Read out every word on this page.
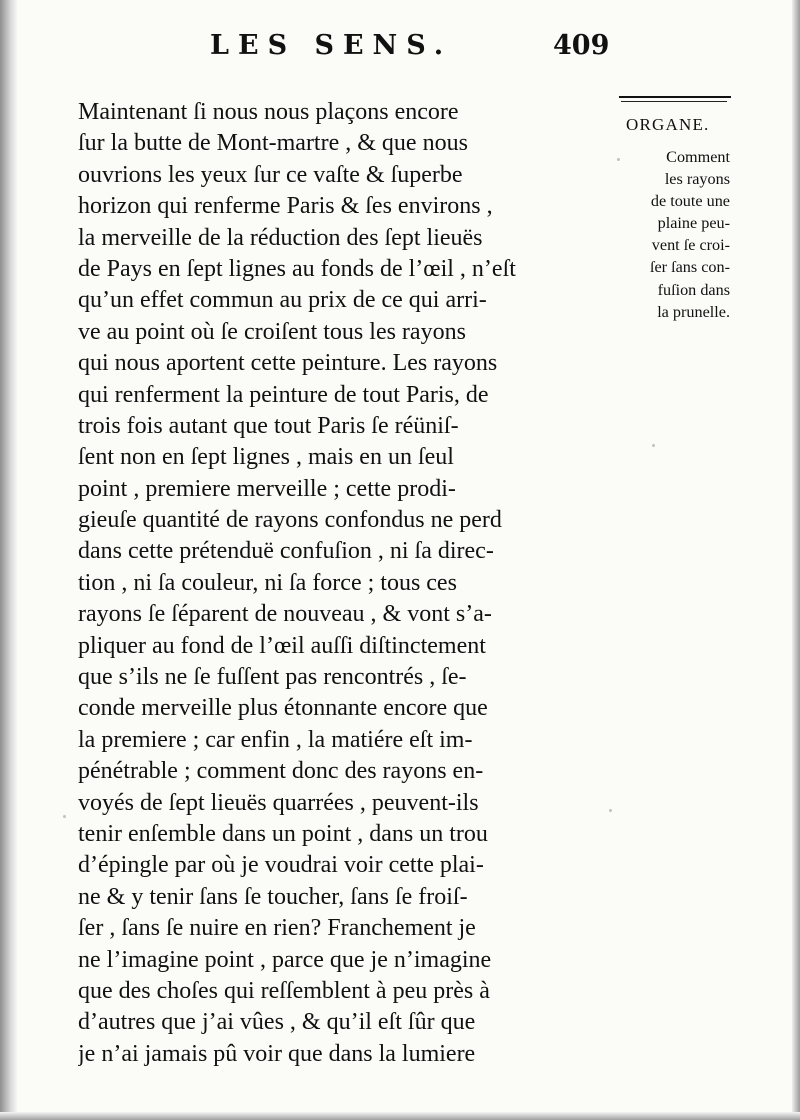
LES SENS.	409
Maintenant ſi nous nous plaçons encore
ſur la butte de Mont-martre , & que nous
ouvrions les yeux ſur ce vaſte & ſuperbe
horizon qui renferme Paris & ſes environs ,
la merveille de la réduction des ſept lieuës
de Pays en ſept lignes au fonds de l’œil , n’eſt
qu’un effet commun au prix de ce qui arri-
ve au point où ſe croiſent tous les rayons
qui nous aportent cette peinture. Les rayons
qui renferment la peinture de tout Paris, de
trois fois autant que tout Paris ſe réüniſ-
ſent non en ſept lignes , mais en un ſeul
point , premiere merveille ; cette prodi-
gieuſe quantité de rayons confondus ne perd
dans cette prétenduë confuſion , ni ſa direc-
tion , ni ſa couleur, ni ſa force ; tous ces
rayons ſe ſéparent de nouveau , & vont s’a-
pliquer au fond de l’œil auſſi diſtinctement
que s’ils ne ſe fuſſent pas rencontrés , ſe-
conde merveille plus étonnante encore que
la premiere ; car enfin , la matiére eſt im-
pénétrable ; comment donc des rayons en-
voyés de ſept lieuës quarrées , peuvent-ils
tenir enſemble dans un point , dans un trou
d’épingle par où je voudrai voir cette plai-
ne & y tenir ſans ſe toucher, ſans ſe froiſ-
ſer , ſans ſe nuire en rien? Franchement je
ne l’imagine point , parce que je n’imagine
que des choſes qui reſſemblent à peu près à
d’autres que j’ai vûes , & qu’il eſt ſûr que
je n’ai jamais pû voir que dans la lumiere
ORGANE.
Comment
les rayons
de toute une
plaine peu-
vent ſe croi-
ſer ſans con-
fuſion dans
la prunelle.
